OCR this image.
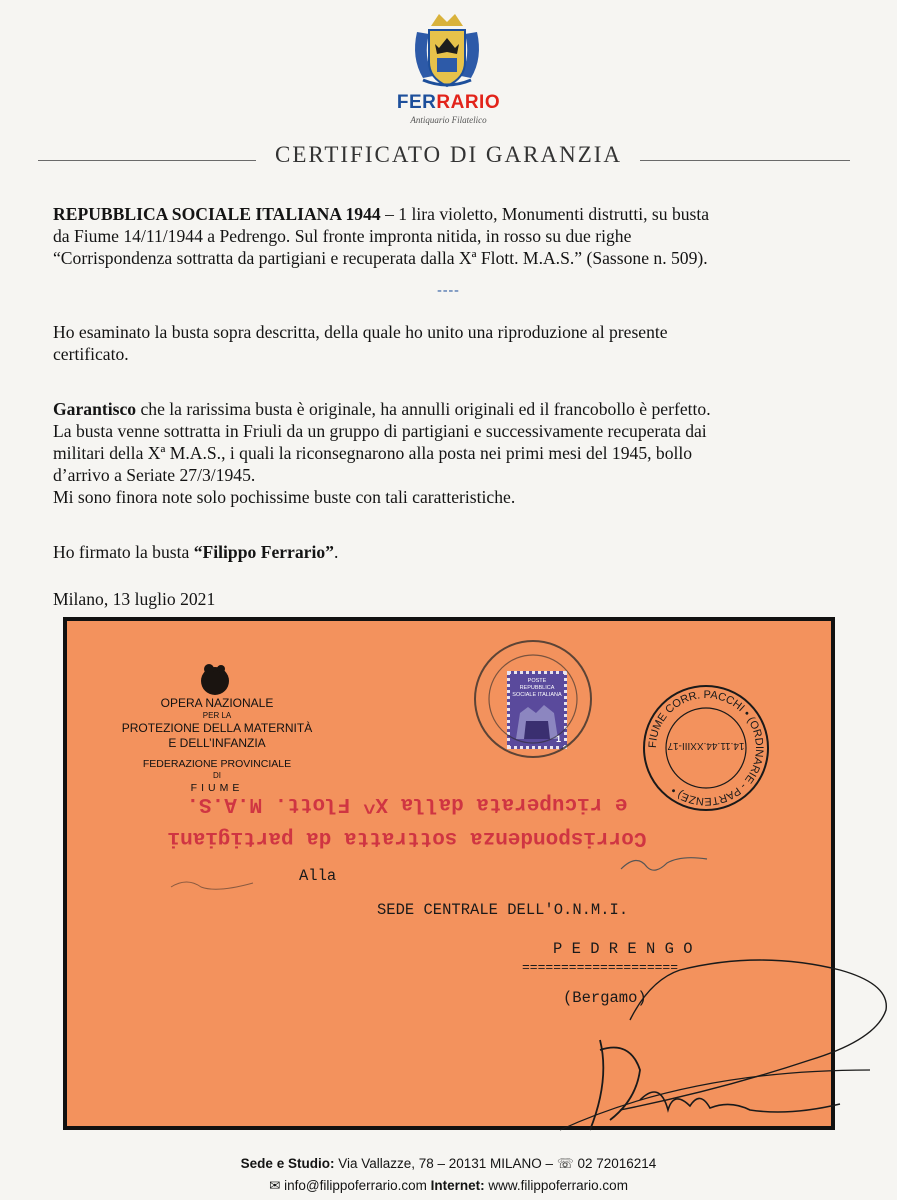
FERRARIO
Antiquario Filatelico
CERTIFICATO DI GARANZIA
REPUBBLICA SOCIALE ITALIANA 1944 – 1 lira violetto, Monumenti distrutti, su busta
da Fiume 14/11/1944 a Pedrengo. Sul fronte impronta nitida, in rosso su due righe
“Corrispondenza sottratta da partigiani e recuperata dalla Xª Flott. M.A.S.” (Sassone n. 509).
----
Ho esaminato la busta sopra descritta, della quale ho unito una riproduzione al presente
certificato.
Garantisco che la rarissima busta è originale, ha annulli originali ed il francobollo è perfetto.
La busta venne sottratta in Friuli da un gruppo di partigiani e successivamente recuperata dai
militari della Xª M.A.S., i quali la riconsegnarono alla posta nei primi mesi del 1945, bollo
d’arrivo a Seriate 27/3/1945.
Mi sono finora note solo pochissime buste con tali caratteristiche.
Ho firmato la busta “Filippo Ferrario”.
Milano, 13 luglio 2021
OPERA NAZIONALE
PER LA
PROTEZIONE DELLA MATERNITÀ
E DELL’INFANZIA
FEDERAZIONE PROVINCIALE
DI
FIUME
Corrispondenza sottratta da partigiani
e ricuperata dalla X^ Flott. M.A.S.
POSTE REPUBBLICA
SOCIALE ITALIANA
1
FIUME CORR. PACCHI • (ORDINARIE - PARTENZE) •
14.11.44.XXIII-17
Alla
SEDE CENTRALE DELL'O.N.M.I.
P E D R E N G O
====================
(Bergamo)
Sede e Studio: Via Vallazze, 78 – 20131 MILANO – ☏ 02 72016214
✉ info@filippoferrario.com Internet: www.filippoferrario.com
